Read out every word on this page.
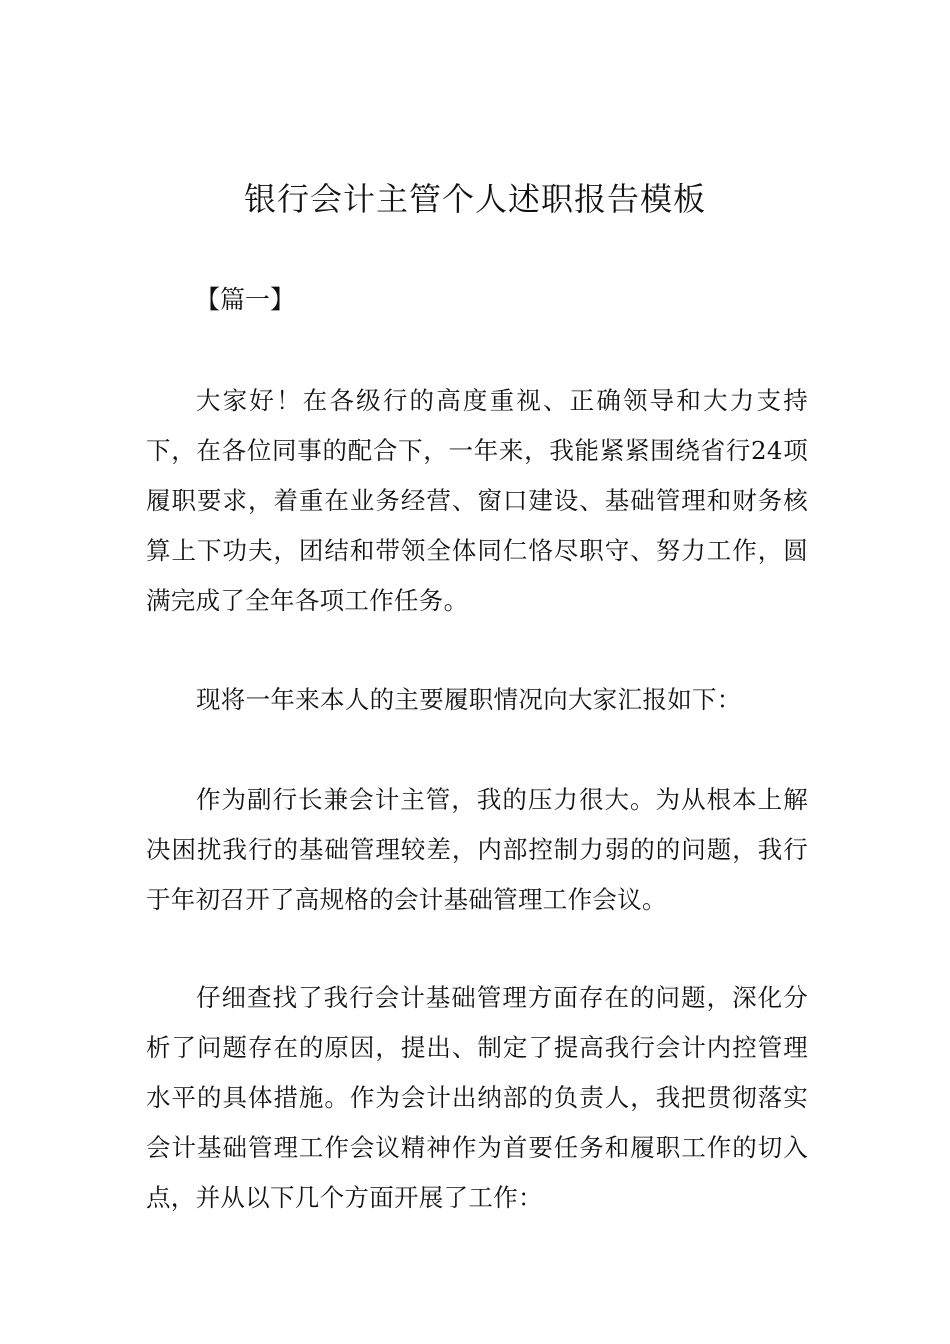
银行会计主管个人述职报告模板

【篇一】

大家好！在各级行的高度重视、正确领导和大力支持下，在各位同事的配合下，一年来，我能紧紧围绕省行24项履职要求，着重在业务经营、窗口建设、基础管理和财务核算上下功夫，团结和带领全体同仁恪尽职守、努力工作，圆满完成了全年各项工作任务。

现将一年来本人的主要履职情况向大家汇报如下：

作为副行长兼会计主管，我的压力很大。为从根本上解决困扰我行的基础管理较差，内部控制力弱的的问题，我行于年初召开了高规格的会计基础管理工作会议。

仔细查找了我行会计基础管理方面存在的问题，深化分析了问题存在的原因，提出、制定了提高我行会计内控管理水平的具体措施。作为会计出纳部的负责人，我把贯彻落实会计基础管理工作会议精神作为首要任务和履职工作的切入点，并从以下几个方面开展了工作：
